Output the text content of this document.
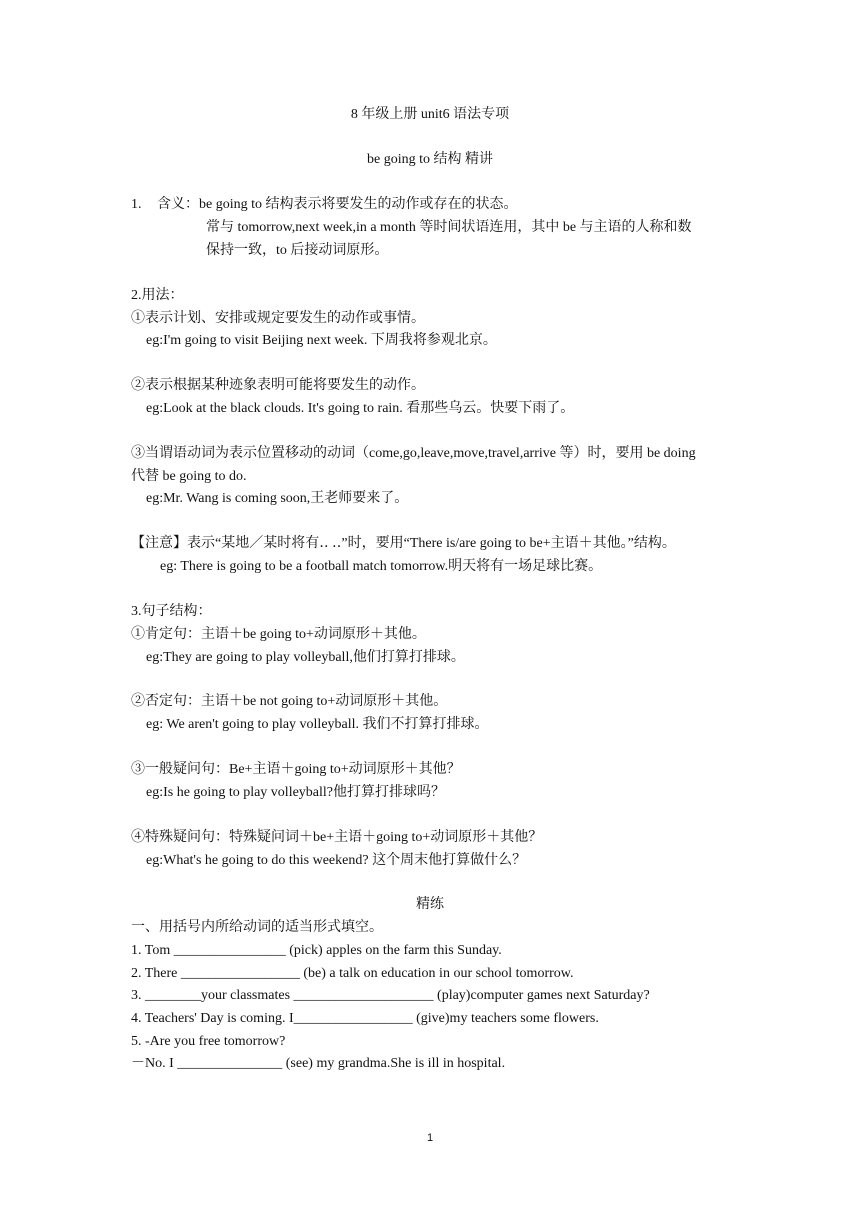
8 年级上册 unit6 语法专项
be going to 结构 精讲
1. 含义：be going to 结构表示将要发生的动作或存在的状态。
常与 tomorrow,next week,in a month 等时间状语连用，其中 be 与主语的人称和数
保持一致，to 后接动词原形。
2.用法：
①表示计划、安排或规定要发生的动作或事情。
eg:I'm going to visit Beijing next week. 下周我将参观北京。
②表示根据某种迹象表明可能将要发生的动作。
eg:Look at the black clouds. It's going to rain. 看那些乌云。快要下雨了。
③当谓语动词为表示位置移动的动词（come,go,leave,move,travel,arrive 等）时，要用 be doing
代替 be going to do.
eg:Mr. Wang is coming soon,王老师要来了。
【注意】表示“某地／某时将有‥ ‥”时，要用“There is/are going to be+主语＋其他。”结构。
eg: There is going to be a football match tomorrow.明天将有一场足球比赛。
3.句子结构：
①肯定句：主语＋be going to+动词原形＋其他。
eg:They are going to play volleyball,他们打算打排球。
②否定句：主语＋be not going to+动词原形＋其他。
eg: We aren't going to play volleyball. 我们不打算打排球。
③一般疑问句：Be+主语＋going to+动词原形＋其他？
eg:Is he going to play volleyball?他打算打排球吗？
④特殊疑问句：特殊疑问词＋be+主语＋going to+动词原形＋其他？
eg:What's he going to do this weekend? 这个周末他打算做什么？
精练
一、用括号内所给动词的适当形式填空。
1. Tom ________________ (pick) apples on the farm this Sunday.
2. There _________________ (be) a talk on education in our school tomorrow.
3. ________your classmates ____________________ (play)computer games next Saturday?
4. Teachers' Day is coming. I_________________ (give)my teachers some flowers.
5. -Are you free tomorrow?
－No. I _______________ (see) my grandma.She is ill in hospital.
1
